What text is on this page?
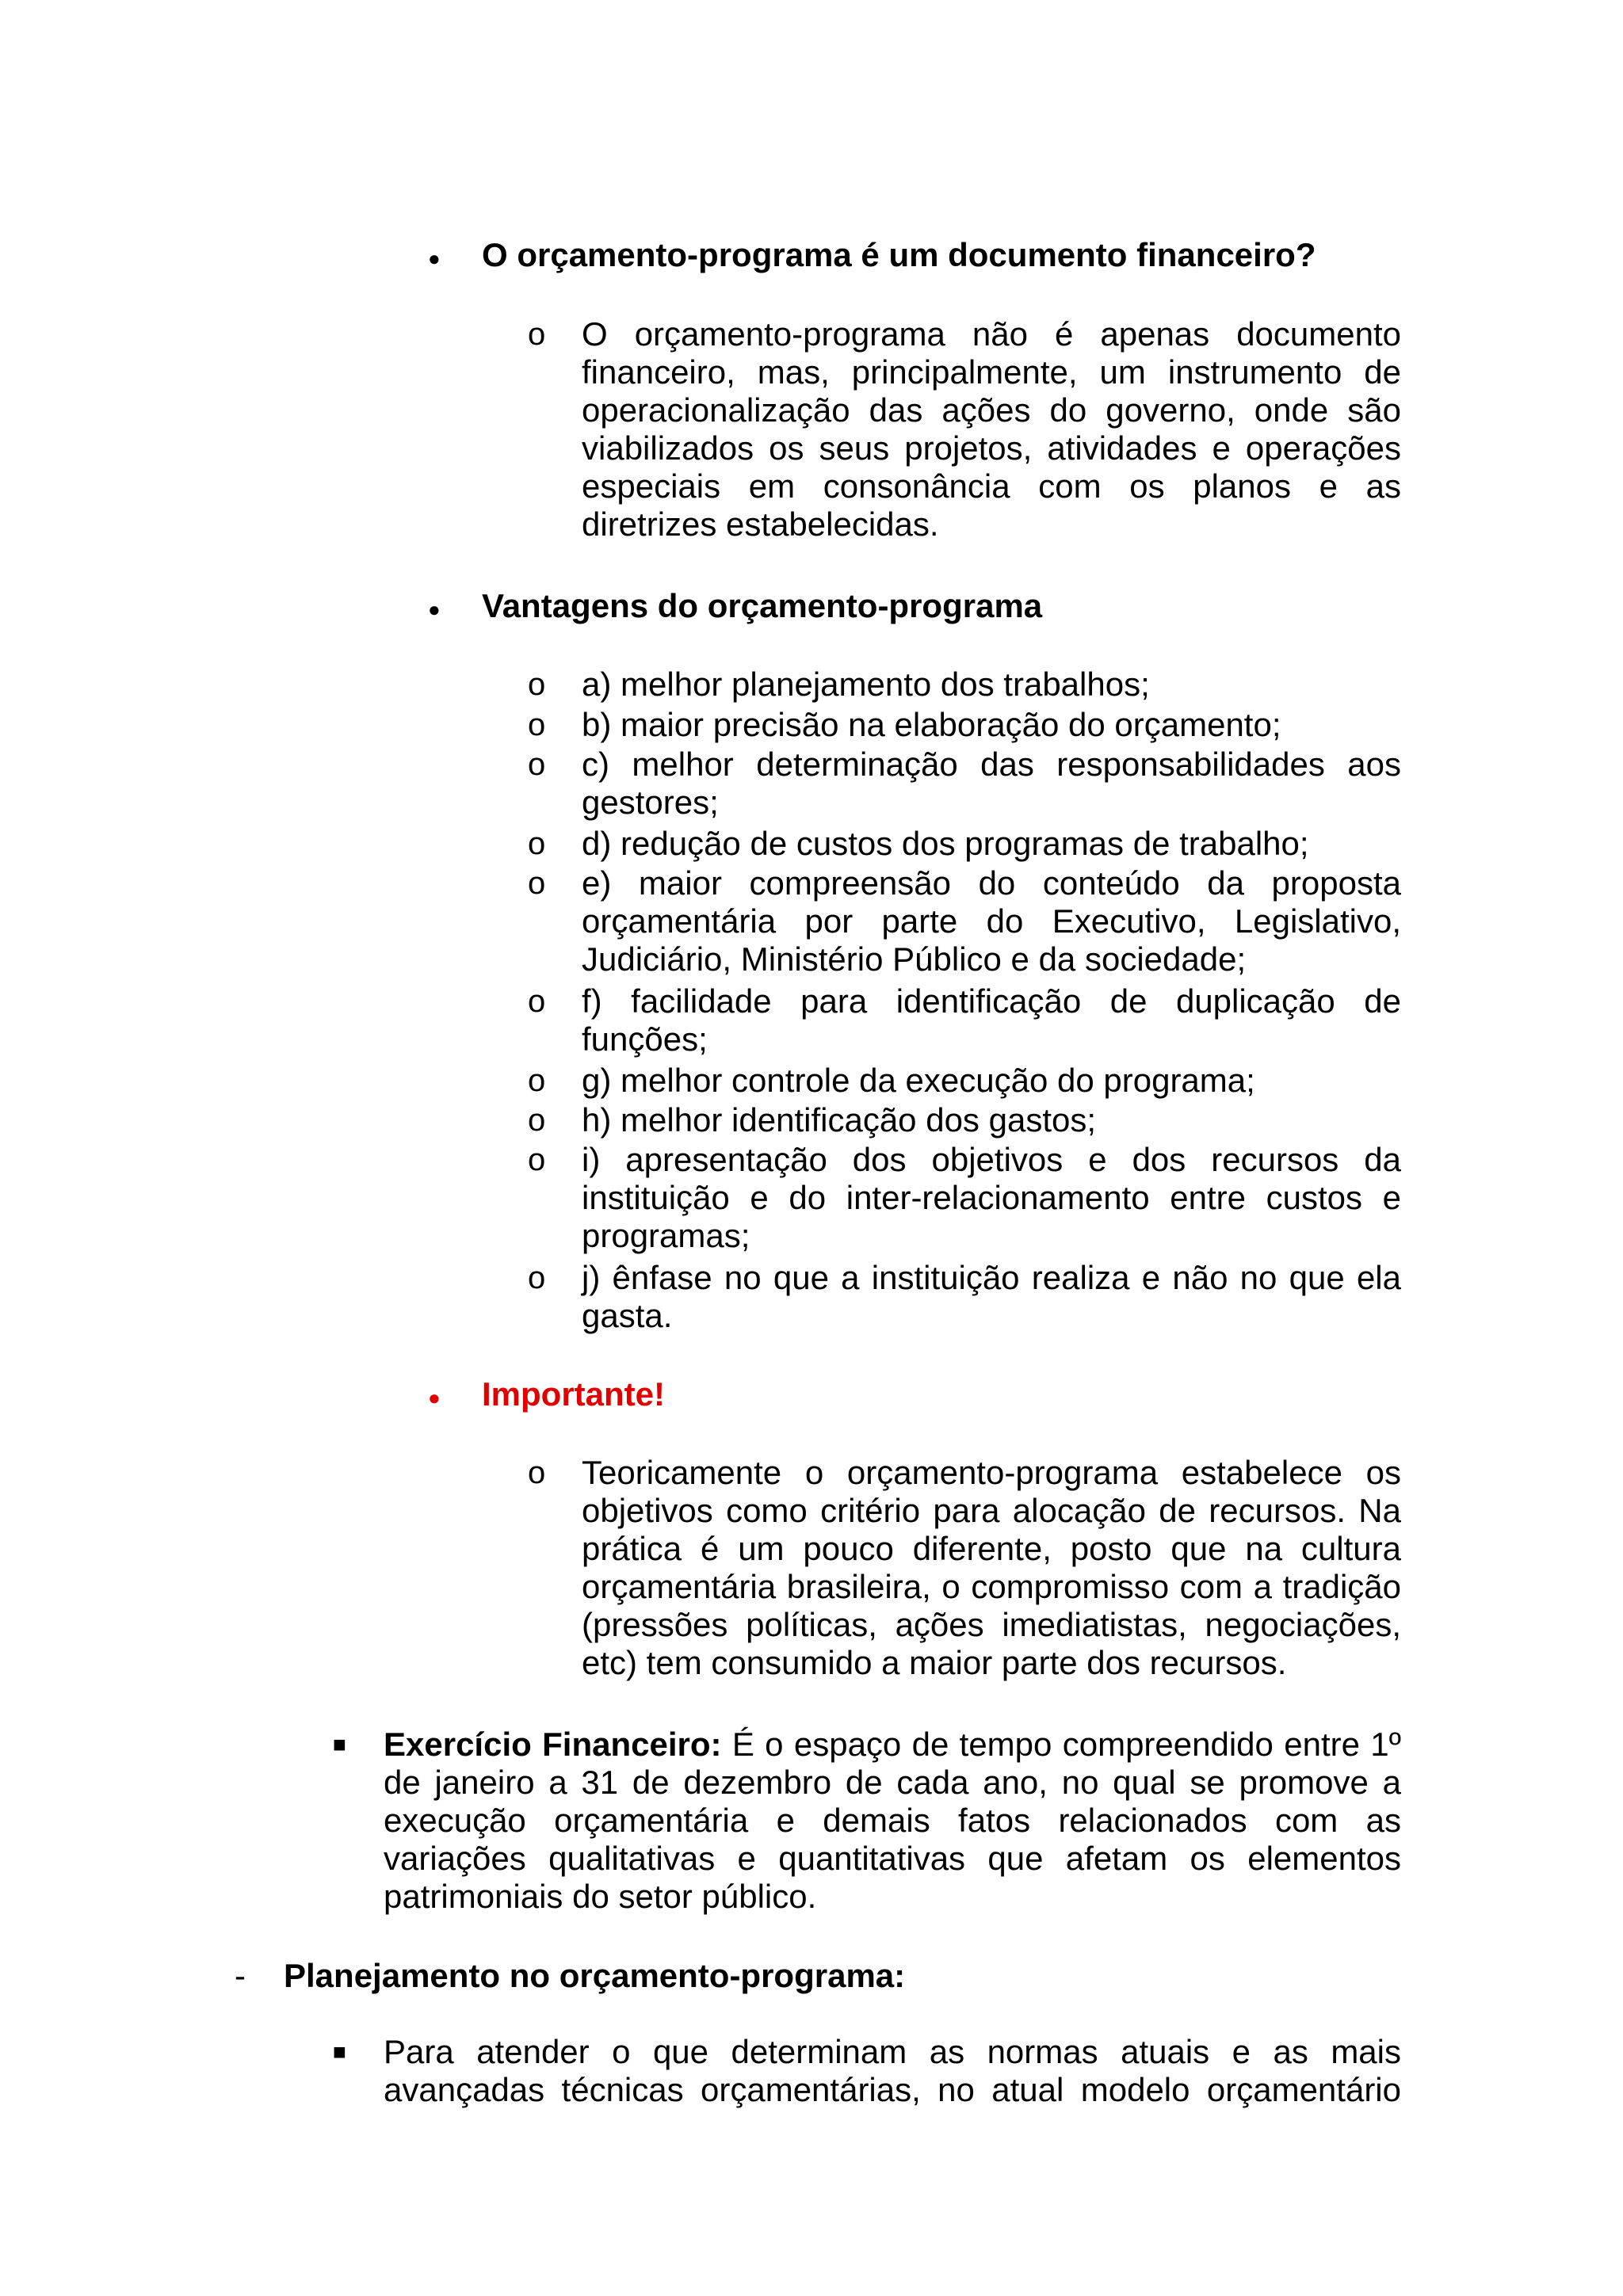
● O orçamento-programa é um documento financeiro?
o O orçamento-programa não é apenas documento financeiro, mas, principalmente, um instrumento de operacionalização das ações do governo, onde são viabilizados os seus projetos, atividades e operações especiais em consonância com os planos e as diretrizes estabelecidas.
● Vantagens do orçamento-programa
o a) melhor planejamento dos trabalhos;
o b) maior precisão na elaboração do orçamento;
o c) melhor determinação das responsabilidades aos gestores;
o d) redução de custos dos programas de trabalho;
o e) maior compreensão do conteúdo da proposta orçamentária por parte do Executivo, Legislativo, Judiciário, Ministério Público e da sociedade;
o f) facilidade para identificação de duplicação de funções;
o g) melhor controle da execução do programa;
o h) melhor identificação dos gastos;
o i) apresentação dos objetivos e dos recursos da instituição e do inter-relacionamento entre custos e programas;
o j) ênfase no que a instituição realiza e não no que ela gasta.
● Importante!
o Teoricamente o orçamento-programa estabelece os objetivos como critério para alocação de recursos. Na prática é um pouco diferente, posto que na cultura orçamentária brasileira, o compromisso com a tradição (pressões políticas, ações imediatistas, negociações, etc) tem consumido a maior parte dos recursos.
■ Exercício Financeiro: É o espaço de tempo compreendido entre 1º de janeiro a 31 de dezembro de cada ano, no qual se promove a execução orçamentária e demais fatos relacionados com as variações qualitativas e quantitativas que afetam os elementos patrimoniais do setor público.
- Planejamento no orçamento-programa:
■ Para atender o que determinam as normas atuais e as mais avançadas técnicas orçamentárias, no atual modelo orçamentário
